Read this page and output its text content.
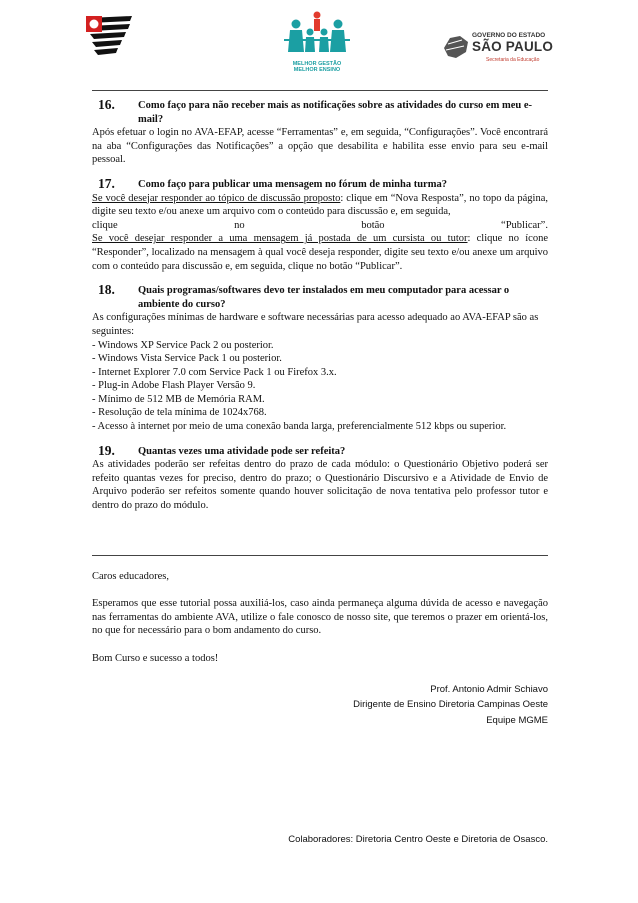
MELHOR GESTÃO
MELHOR ENSINO
GOVERNO DO ESTADO
SÃO PAULO
Secretaria da Educação
16.	Como faço para não receber mais as notificações sobre as atividades do curso em meu e-mail?

Após efetuar o login no AVA-EFAP, acesse “Ferramentas” e, em seguida, “Configurações”. Você encontrará na aba “Configurações das Notificações” a opção que desabilita e habilita esse envio para seu e-mail pessoal.

17.	Como faço para publicar uma mensagem no fórum de minha turma?

Se você desejar responder ao tópico de discussão proposto: clique em “Nova Resposta”, no topo da página, digite seu texto e/ou anexe um arquivo com o conteúdo para discussão e, em seguida,

clique	no	botão	“Publicar”.

Se você desejar responder a uma mensagem já postada de um cursista ou tutor: clique no ícone “Responder”, localizado na mensagem à qual você deseja responder, digite seu texto e/ou anexe um arquivo com o conteúdo para discussão e, em seguida, clique no botão “Publicar”.

18.	Quais programas/softwares devo ter instalados em meu computador para acessar o ambiente do curso?

As configurações mínimas de hardware e software necessárias para acesso adequado ao AVA-EFAP são as seguintes:

- Windows XP Service Pack 2 ou posterior.
- Windows Vista Service Pack 1 ou posterior.
- Internet Explorer 7.0 com Service Pack 1 ou Firefox 3.x.
- Plug-in Adobe Flash Player Versão 9.
- Mínimo de 512 MB de Memória RAM.
- Resolução de tela mínima de 1024x768.
- Acesso à internet por meio de uma conexão banda larga, preferencialmente 512 kbps ou superior.
19.	Quantas vezes uma atividade pode ser refeita?

As atividades poderão ser refeitas dentro do prazo de cada módulo: o Questionário Objetivo poderá ser refeito quantas vezes for preciso, dentro do prazo; o Questionário Discursivo e a Atividade de Envio de Arquivo poderão ser refeitos somente quando houver solicitação de nova tentativa pelo professor tutor e dentro do prazo do módulo.

Caros educadores,

Esperamos que esse tutorial possa auxiliá-los, caso ainda permaneça alguma dúvida de acesso e navegação nas ferramentas do ambiente AVA, utilize o fale conosco de nosso site, que teremos o prazer em orientá-los, no que for necessário para o bom andamento do curso.

Bom Curso e sucesso a todos!

Prof. Antonio Admir Schiavo
Dirigente de Ensino Diretoria Campinas Oeste
Equipe MGME
Colaboradores: Diretoria Centro Oeste e Diretoria de Osasco.
